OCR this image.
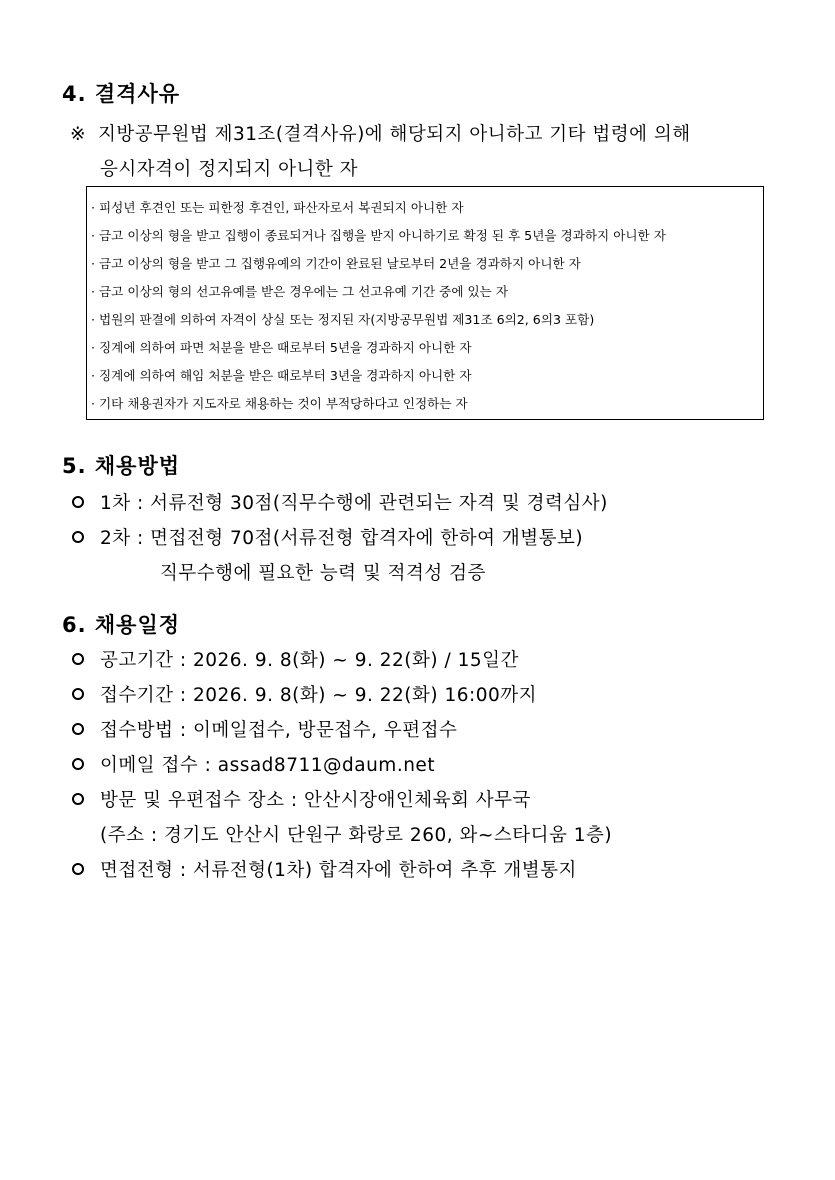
4. 결격사유
※ 지방공무원법 제31조(결격사유)에 해당되지 아니하고 기타 법령에 의해
응시자격이 정지되지 아니한 자
· 피성년 후견인 또는 피한정 후견인, 파산자로서 복권되지 아니한 자
· 금고 이상의 형을 받고 집행이 종료되거나 집행을 받지 아니하기로 확정 된 후 5년을 경과하지 아니한 자
· 금고 이상의 형을 받고 그 집행유예의 기간이 완료된 날로부터 2년을 경과하지 아니한 자
· 금고 이상의 형의 선고유예를 받은 경우에는 그 선고유예 기간 중에 있는 자
· 법원의 판결에 의하여 자격이 상실 또는 정지된 자(지방공무원법 제31조 6의2, 6의3 포함)
· 징계에 의하여 파면 처분을 받은 때로부터 5년을 경과하지 아니한 자
· 징계에 의하여 해임 처분을 받은 때로부터 3년을 경과하지 아니한 자
· 기타 채용권자가 지도자로 채용하는 것이 부적당하다고 인정하는 자
5. 채용방법
1차 : 서류전형 30점(직무수행에 관련되는 자격 및 경력심사)
2차 : 면접전형 70점(서류전형 합격자에 한하여 개별통보)
직무수행에 필요한 능력 및 적격성 검증
6. 채용일정
공고기간 : 2026. 9. 8(화) ~ 9. 22(화) / 15일간
접수기간 : 2026. 9. 8(화) ~ 9. 22(화) 16:00까지
접수방법 : 이메일접수, 방문접수, 우편접수
이메일 접수 : assad8711@daum.net
방문 및 우편접수 장소 : 안산시장애인체육회 사무국
(주소 : 경기도 안산시 단원구 화랑로 260, 와~스타디움 1층)
면접전형 : 서류전형(1차) 합격자에 한하여 추후 개별통지
